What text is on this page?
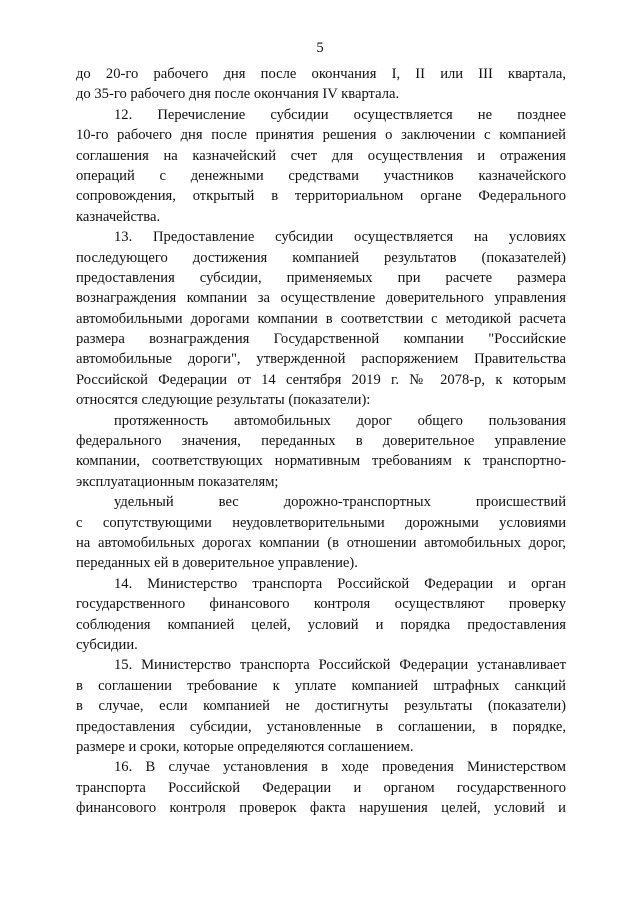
5
до 20-го рабочего дня после окончания I, II или III квартала,
до 35-го рабочего дня после окончания IV квартала.
12. Перечисление субсидии осуществляется не позднее
10-го рабочего дня после принятия решения о заключении с компанией
соглашения на казначейский счет для осуществления и отражения
операций с денежными средствами участников казначейского
сопровождения, открытый в территориальном органе Федерального
казначейства.
13. Предоставление субсидии осуществляется на условиях
последующего достижения компанией результатов (показателей)
предоставления субсидии, применяемых при расчете размера
вознаграждения компании за осуществление доверительного управления
автомобильными дорогами компании в соответствии с методикой расчета
размера вознаграждения Государственной компании "Российские
автомобильные дороги", утвержденной распоряжением Правительства
Российской Федерации от 14 сентября 2019 г. № 2078-р, к которым
относятся следующие результаты (показатели):
протяженность автомобильных дорог общего пользования
федерального значения, переданных в доверительное управление
компании, соответствующих нормативным требованиям к транспортно-
эксплуатационным показателям;
удельный вес дорожно-транспортных происшествий
с сопутствующими неудовлетворительными дорожными условиями
на автомобильных дорогах компании (в отношении автомобильных дорог,
переданных ей в доверительное управление).
14. Министерство транспорта Российской Федерации и орган
государственного финансового контроля осуществляют проверку
соблюдения компанией целей, условий и порядка предоставления
субсидии.
15. Министерство транспорта Российской Федерации устанавливает
в соглашении требование к уплате компанией штрафных санкций
в случае, если компанией не достигнуты результаты (показатели)
предоставления субсидии, установленные в соглашении, в порядке,
размере и сроки, которые определяются соглашением.
16. В случае установления в ходе проведения Министерством
транспорта Российской Федерации и органом государственного
финансового контроля проверок факта нарушения целей, условий и
